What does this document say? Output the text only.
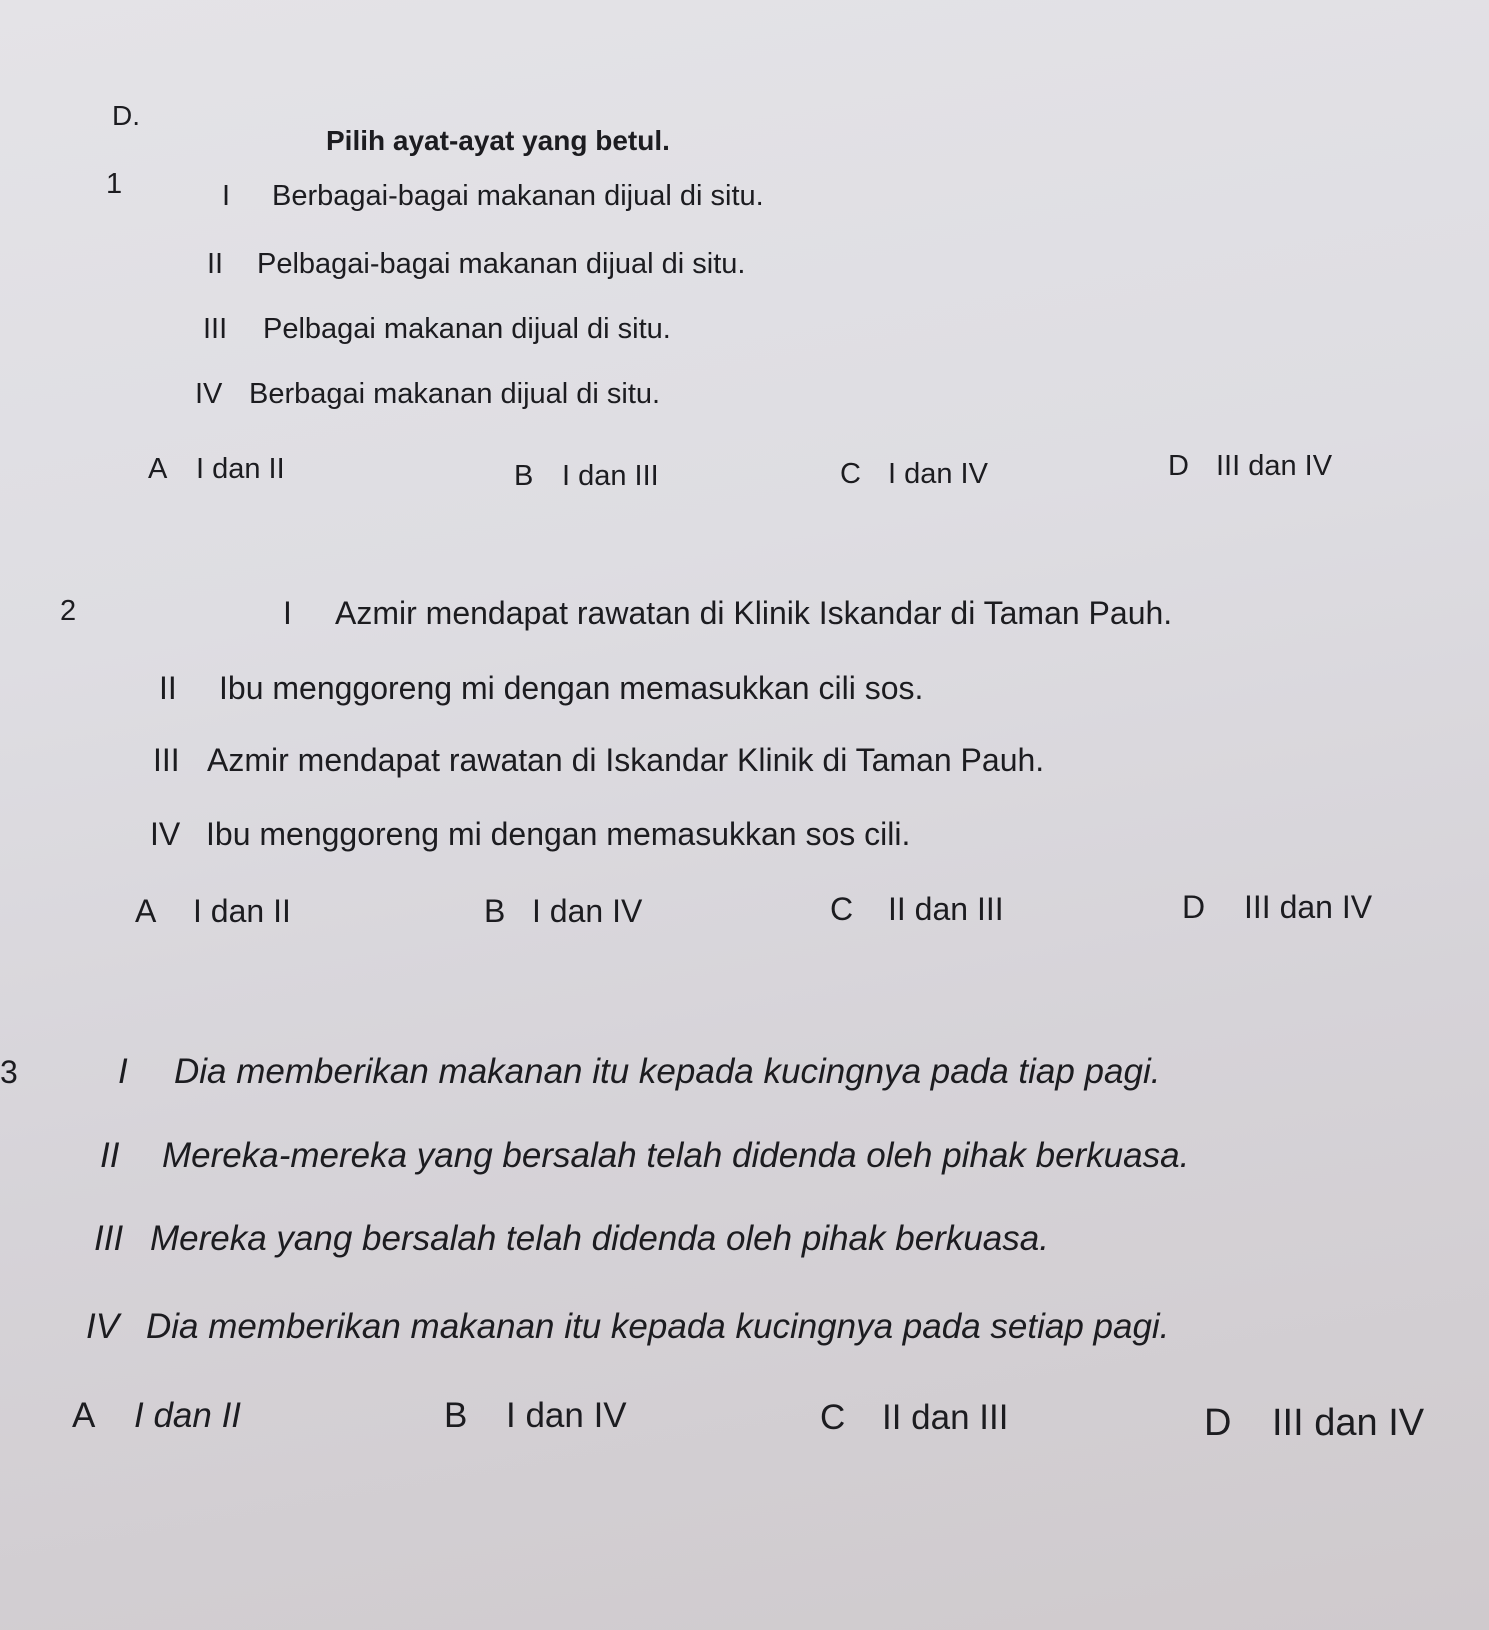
D.
Pilih ayat-ayat yang betul.
1	I Berbagai-bagai makanan dijual di situ.
II Pelbagai-bagai makanan dijual di situ.
III Pelbagai makanan dijual di situ.
IV Berbagai makanan dijual di situ.
A I dan II	B I dan III	C I dan IV	D III dan IV
2	I Azmir mendapat rawatan di Klinik Iskandar di Taman Pauh.
II Ibu menggoreng mi dengan memasukkan cili sos.
III Azmir mendapat rawatan di Iskandar Klinik di Taman Pauh.
IV Ibu menggoreng mi dengan memasukkan sos cili.
A I dan II	B I dan IV	C II dan III	D III dan IV
3	I Dia memberikan makanan itu kepada kucingnya pada tiap pagi.
II Mereka-mereka yang bersalah telah didenda oleh pihak berkuasa.
III Mereka yang bersalah telah didenda oleh pihak berkuasa.
IV Dia memberikan makanan itu kepada kucingnya pada setiap pagi.
A I dan II	B I dan IV	C II dan III	D III dan IV
